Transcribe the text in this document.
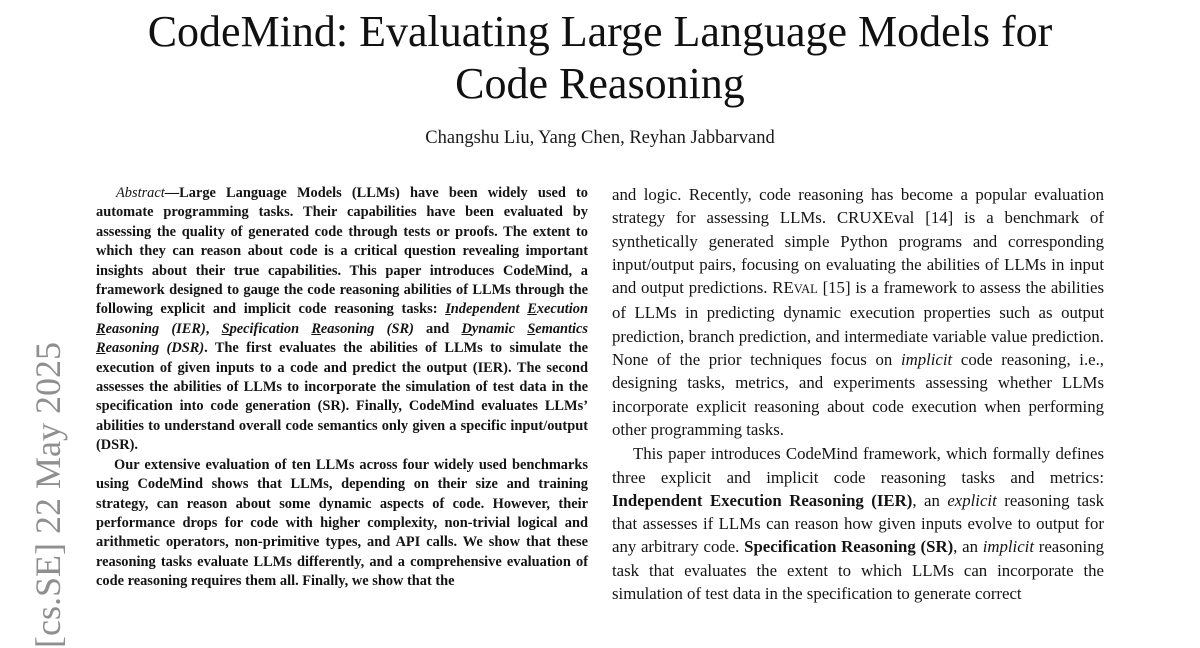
CodeMind: Evaluating Large Language Models for
Code Reasoning
Changshu Liu, Yang Chen, Reyhan Jabbarvand
[cs.SE] 22 May 2025

Abstract—Large Language Models (LLMs) have been widely used to automate programming tasks. Their capabilities have been evaluated by assessing the quality of generated code through tests or proofs. The extent to which they can reason about code is a critical question revealing important insights about their true capabilities. This paper introduces CodeMind, a framework designed to gauge the code reasoning abilities of LLMs through the following explicit and implicit code reasoning tasks: Independent Execution Reasoning (IER), Specification Reasoning (SR) and Dynamic Semantics Reasoning (DSR). The first evaluates the abilities of LLMs to simulate the execution of given inputs to a code and predict the output (IER). The second assesses the abilities of LLMs to incorporate the simulation of test data in the specification into code generation (SR). Finally, CodeMind evaluates LLMs’ abilities to understand overall code semantics only given a specific input/output (DSR).

Our extensive evaluation of ten LLMs across four widely used benchmarks using CodeMind shows that LLMs, depending on their size and training strategy, can reason about some dynamic aspects of code. However, their performance drops for code with higher complexity, non-trivial logical and arithmetic operators, non-primitive types, and API calls. We show that these reasoning tasks evaluate LLMs differently, and a comprehensive evaluation of code reasoning requires them all. Finally, we show that the

and logic. Recently, code reasoning has become a popular evaluation strategy for assessing LLMs. CRUXEval [14] is a benchmark of synthetically generated simple Python programs and corresponding input/output pairs, focusing on evaluating the abilities of LLMs in input and output predictions. REVAL [15] is a framework to assess the abilities of LLMs in predicting dynamic execution properties such as output prediction, branch prediction, and intermediate variable value prediction. None of the prior techniques focus on implicit code reasoning, i.e., designing tasks, metrics, and experiments assessing whether LLMs incorporate explicit reasoning about code execution when performing other programming tasks.

This paper introduces CodeMind framework, which formally defines three explicit and implicit code reasoning tasks and metrics: Independent Execution Reasoning (IER), an explicit reasoning task that assesses if LLMs can reason how given inputs evolve to output for any arbitrary code. Specification Reasoning (SR), an implicit reasoning task that evaluates the extent to which LLMs can incorporate the simulation of test data in the specification to generate correct
